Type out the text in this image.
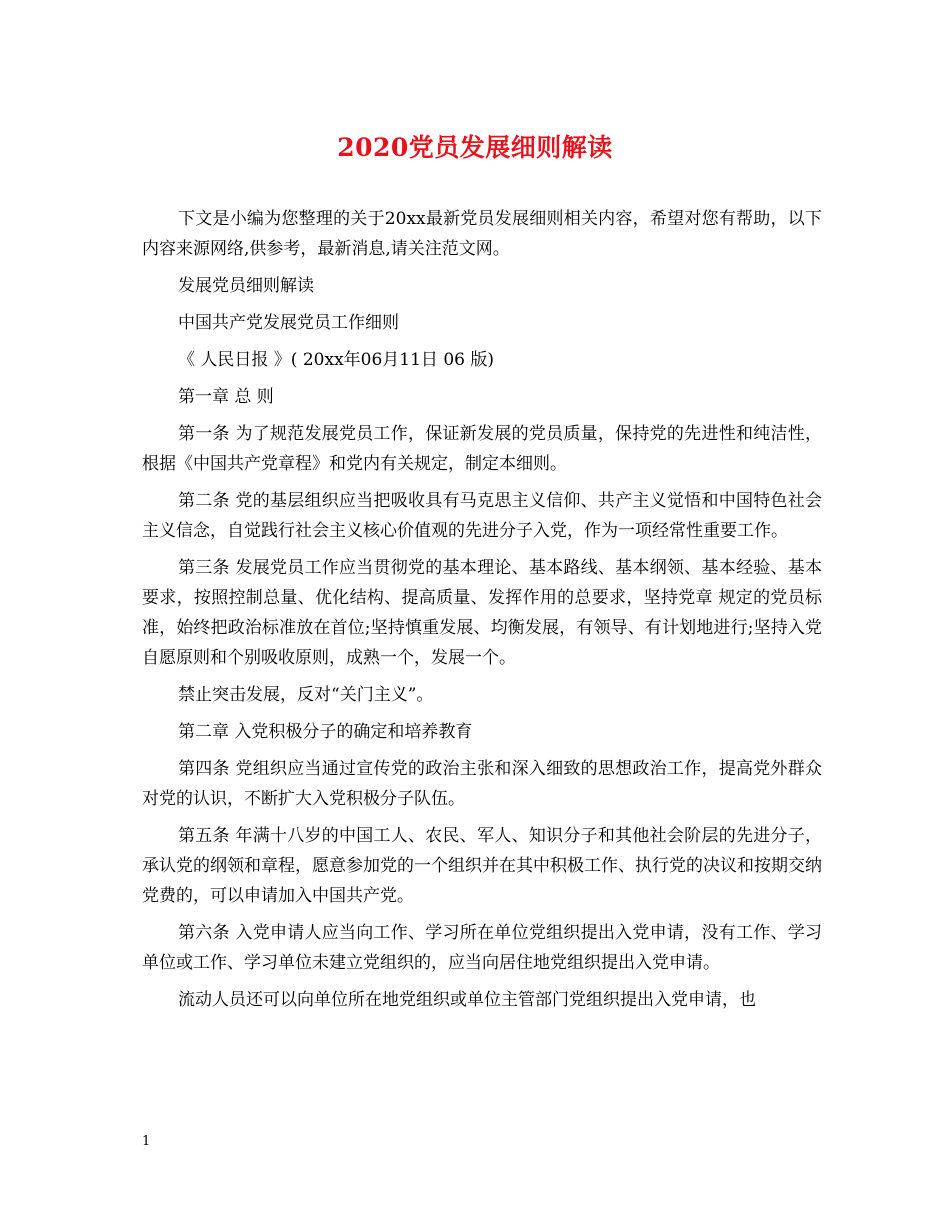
2020党员发展细则解读

下文是小编为您整理的关于20xx最新党员发展细则相关内容，希望对您有帮助，以下内容来源网络,供参考，最新消息,请关注范文网。

发展党员细则解读

中国共产党发展党员工作细则

《 人民日报 》( 20xx年06月11日 06 版)

第一章 总 则

第一条 为了规范发展党员工作，保证新发展的党员质量，保持党的先进性和纯洁性，根据《中国共产党章程》和党内有关规定，制定本细则。

第二条 党的基层组织应当把吸收具有马克思主义信仰、共产主义觉悟和中国特色社会主义信念，自觉践行社会主义核心价值观的先进分子入党，作为一项经常性重要工作。

第三条 发展党员工作应当贯彻党的基本理论、基本路线、基本纲领、基本经验、基本要求，按照控制总量、优化结构、提高质量、发挥作用的总要求，坚持党章 规定的党员标准，始终把政治标准放在首位;坚持慎重发展、均衡发展，有领导、有计划地进行;坚持入党自愿原则和个别吸收原则，成熟一个，发展一个。

禁止突击发展，反对“关门主义”。

第二章 入党积极分子的确定和培养教育

第四条 党组织应当通过宣传党的政治主张和深入细致的思想政治工作，提高党外群众对党的认识，不断扩大入党积极分子队伍。

第五条 年满十八岁的中国工人、农民、军人、知识分子和其他社会阶层的先进分子，承认党的纲领和章程，愿意参加党的一个组织并在其中积极工作、执行党的决议和按期交纳党费的，可以申请加入中国共产党。

第六条 入党申请人应当向工作、学习所在单位党组织提出入党申请，没有工作、学习单位或工作、学习单位未建立党组织的，应当向居住地党组织提出入党申请。

流动人员还可以向单位所在地党组织或单位主管部门党组织提出入党申请，也

1
